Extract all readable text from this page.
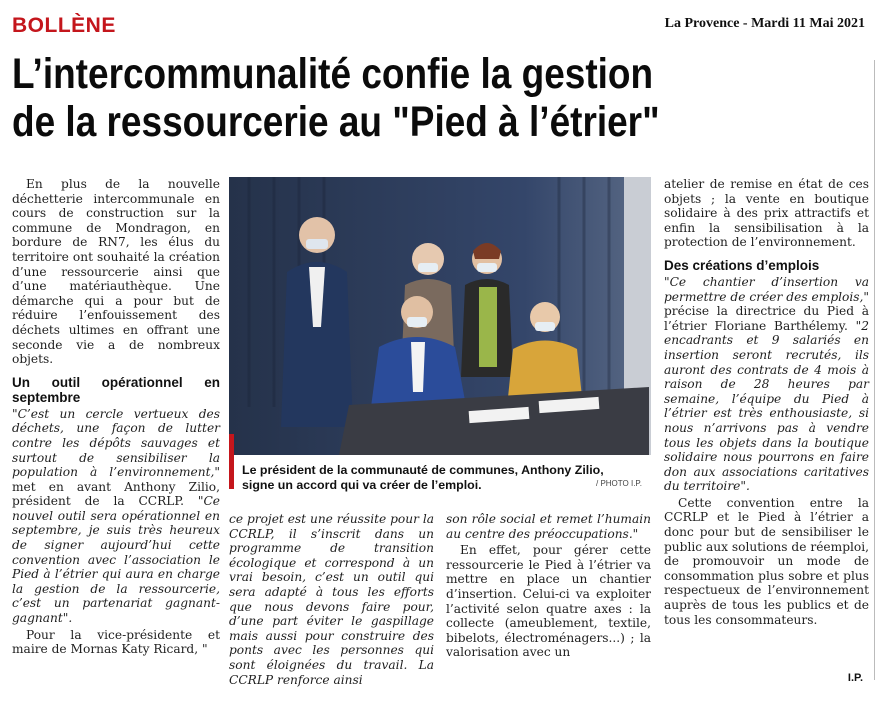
BOLLÈNE	La Provence - Mardi 11 Mai 2021
L’intercommunalité confie la gestion
de la ressourcerie au "Pied à l’étrier"

En plus de la nouvelle déchetterie intercommunale en cours de construction sur la commune de Mondragon, en bordure de RN7, les élus du territoire ont souhaité la création d’une ressourcerie ainsi que d’une matériauthèque. Une démarche qui a pour but de réduire l’enfouissement des déchets ultimes en offrant une seconde vie a de nombreux objets.

Un outil opérationnel en septembre

"C’est un cercle vertueux des déchets, une façon de lutter contre les dépôts sauvages et surtout de sensibiliser la population à l’environnement," met en avant Anthony Zilio, président de la CCRLP. "Ce nouvel outil sera opérationnel en septembre, je suis très heureux de signer aujourd’hui cette convention avec l’association le Pied à l’étrier qui aura en charge la gestion de la ressourcerie, c’est un partenariat gagnant-gagnant".

Pour la vice-présidente et maire de Mornas Katy Ricard, "

Le président de la communauté de communes, Anthony Zilio,
signe un accord qui va créer de l’emploi.	/ PHOTO I.P.

ce projet est une réussite pour la CCRLP, il s’inscrit dans un programme de transition écologique et correspond à un vrai besoin, c’est un outil qui sera adapté à tous les efforts que nous devons faire pour, d’une part éviter le gaspillage mais aussi pour construire des ponts avec les personnes qui sont éloignées du travail. La CCRLP renforce ainsi

son rôle social et remet l’humain au centre des préoccupations."

En effet, pour gérer cette ressourcerie le Pied à l’étrier va mettre en place un chantier d’insertion. Celui-ci va exploiter l’activité selon quatre axes : la collecte (ameublement, textile, bibelots, électroménagers...) ; la valorisation avec un

atelier de remise en état de ces objets ; la vente en boutique solidaire à des prix attractifs et enfin la sensibilisation à la protection de l’environnement.

Des créations d’emplois

"Ce chantier d’insertion va permettre de créer des emplois," précise la directrice du Pied à l’étrier Floriane Barthélemy. "2 encadrants et 9 salariés en insertion seront recrutés, ils auront des contrats de 4 mois à raison de 28 heures par semaine, l’équipe du Pied à l’étrier est très enthousiaste, si nous n’arrivons pas à vendre tous les objets dans la boutique solidaire nous pourrons en faire don aux associations caritatives du territoire".

Cette convention entre la CCRLP et le Pied à l’étrier a donc pour but de sensibiliser le public aux solutions de réemploi, de promouvoir un mode de consommation plus sobre et plus respectueux de l’environnement auprès de tous les publics et de tous les consommateurs.

I.P.
